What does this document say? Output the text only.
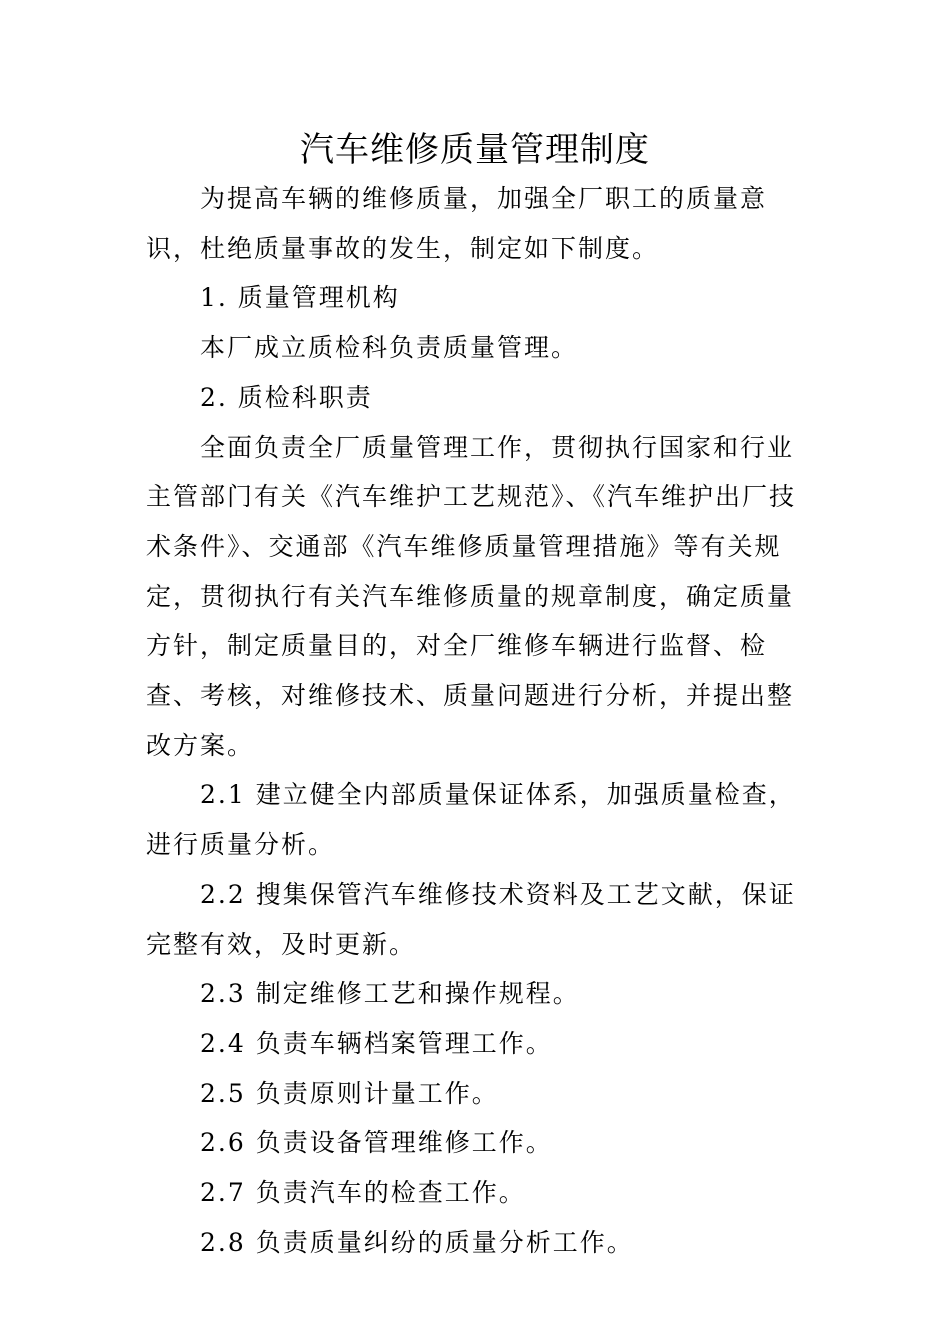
汽车维修质量管理制度

为提高车辆的维修质量，加强全厂职工的质量意识，杜绝质量事故的发生，制定如下制度。

1. 质量管理机构

本厂成立质检科负责质量管理。

2. 质检科职责

全面负责全厂质量管理工作，贯彻执行国家和行业主管部门有关《汽车维护工艺规范》、《汽车维护出厂技术条件》、交通部《汽车维修质量管理措施》等有关规定，贯彻执行有关汽车维修质量的规章制度，确定质量方针，制定质量目的，对全厂维修车辆进行监督、检查、考核，对维修技术、质量问题进行分析，并提出整改方案。

2.1 建立健全内部质量保证体系，加强质量检查，进行质量分析。

2.2 搜集保管汽车维修技术资料及工艺文献，保证完整有效，及时更新。

2.3 制定维修工艺和操作规程。

2.4 负责车辆档案管理工作。

2.5 负责原则计量工作。

2.6 负责设备管理维修工作。

2.7 负责汽车的检查工作。

2.8 负责质量纠纷的质量分析工作。
